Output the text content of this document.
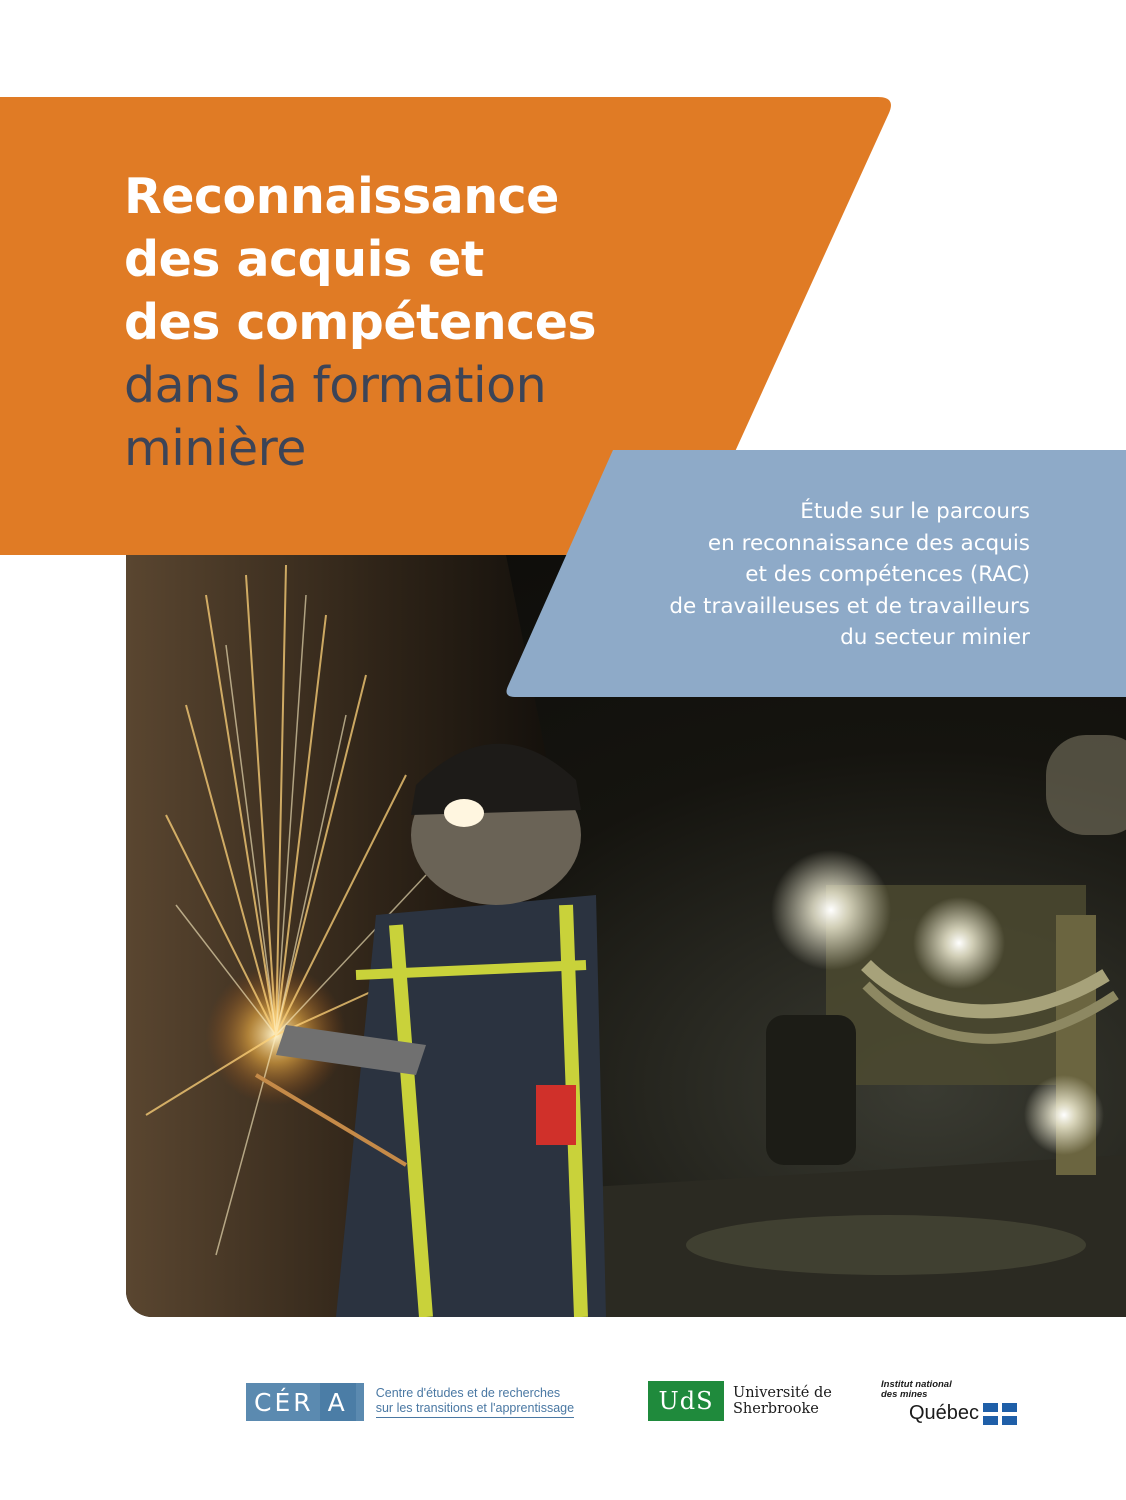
Reconnaissance
des acquis et
des compétences
dans la formation
minière
Étude sur le parcours
en reconnaissance des acquis
et des compétences (RAC)
de travailleuses et de travailleurs
du secteur minier
CÉR A	Centre d'études et de recherches
sur les transitions et l'apprentissage	UdS	Université de
Sherbrooke
Institut national
des mines
Québec
